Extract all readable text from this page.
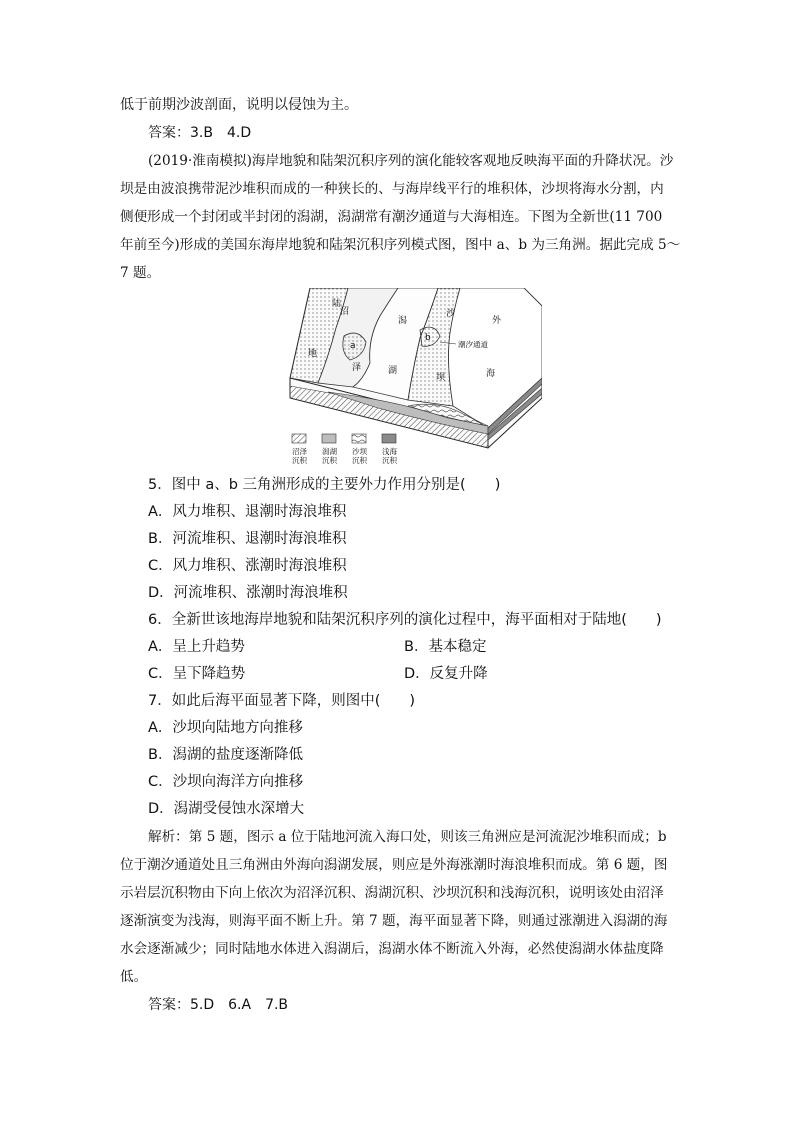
低于前期沙波剖面，说明以侵蚀为主。
答案：3.B　4.D
(2019·淮南模拟)海岸地貌和陆架沉积序列的演化能较客观地反映海平面的升降状况。沙
坝是由波浪携带泥沙堆积而成的一种狭长的、与海岸线平行的堆积体，沙坝将海水分割，内
侧便形成一个封闭或半封闭的潟湖，潟湖常有潮汐通道与大海相连。下图为全新世(11 700
年前至今)形成的美国东海岸地貌和陆架沉积序列模式图，图中 a、b 为三角洲。据此完成 5～
7 题。
陆
地
沼
泽
a
潟
湖
b
沙
坝
外
海
潮汐通道
沼泽
沉积
潟湖
沉积
沙坝
沉积
浅海
沉积
5．图中 a、b 三角洲形成的主要外力作用分别是(　　)
A．风力堆积、退潮时海浪堆积
B．河流堆积、退潮时海浪堆积
C．风力堆积、涨潮时海浪堆积
D．河流堆积、涨潮时海浪堆积
6．全新世该地海岸地貌和陆架沉积序列的演化过程中，海平面相对于陆地(　　)
A．呈上升趋势	B．基本稳定
C．呈下降趋势	D．反复升降
7．如此后海平面显著下降，则图中(　　)
A．沙坝向陆地方向推移
B．潟湖的盐度逐渐降低
C．沙坝向海洋方向推移
D．潟湖受侵蚀水深增大
解析：第 5 题，图示 a 位于陆地河流入海口处，则该三角洲应是河流泥沙堆积而成；b
位于潮汐通道处且三角洲由外海向潟湖发展，则应是外海涨潮时海浪堆积而成。第 6 题，图
示岩层沉积物由下向上依次为沼泽沉积、潟湖沉积、沙坝沉积和浅海沉积，说明该处由沼泽
逐渐演变为浅海，则海平面不断上升。第 7 题，海平面显著下降，则通过涨潮进入潟湖的海
水会逐渐减少；同时陆地水体进入潟湖后，潟湖水体不断流入外海，必然使潟湖水体盐度降
低。
答案：5.D　6.A　7.B
